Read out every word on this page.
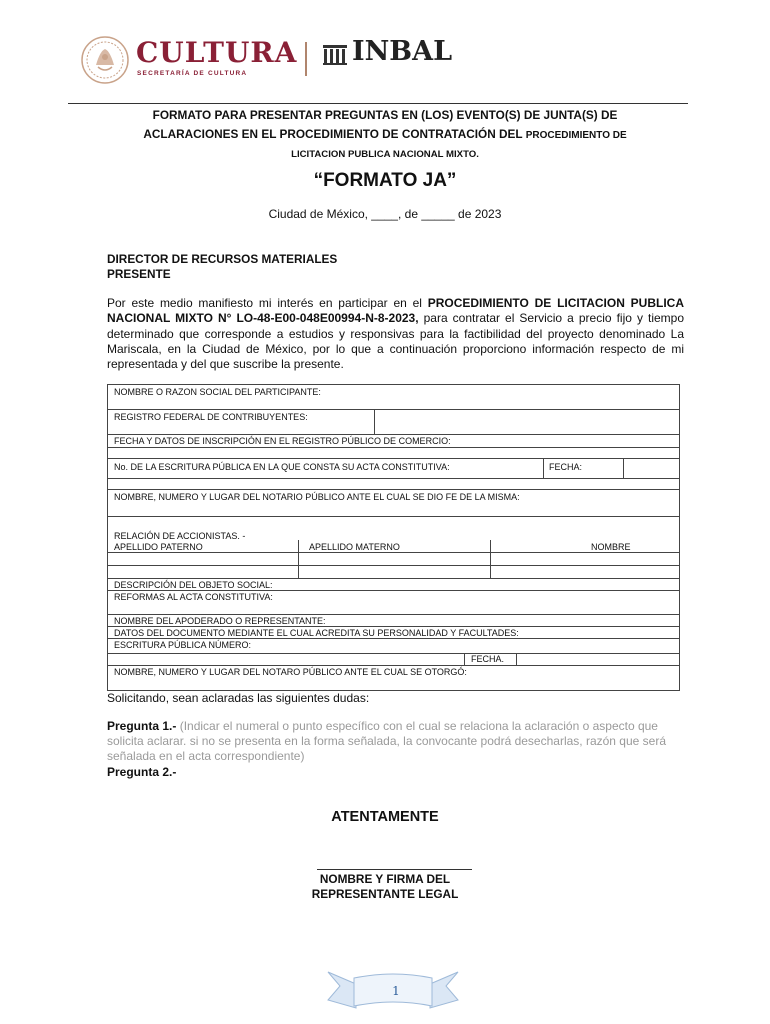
CULTURA
SECRETARÍA DE CULTURA
INBAL
FORMATO PARA PRESENTAR PREGUNTAS EN (LOS) EVENTO(S) DE JUNTA(S) DE
ACLARACIONES EN EL PROCEDIMIENTO DE CONTRATACIÓN DEL PROCEDIMIENTO DE
LICITACION PUBLICA NACIONAL MIXTO.
“FORMATO JA”
Ciudad de México, ____, de _____ de 2023
DIRECTOR DE RECURSOS MATERIALES
PRESENTE
Por este medio manifiesto mi interés en participar en el PROCEDIMIENTO DE LICITACION PUBLICA NACIONAL MIXTO N° LO-48-E00-048E00994-N-8-2023, para contratar el Servicio a precio fijo y tiempo determinado que corresponde a estudios y responsivas para la factibilidad del proyecto denominado La Mariscala, en la Ciudad de México, por lo que a continuación proporciono información respecto de mi representada y del que suscribe la presente.
NOMBRE O RAZON SOCIAL DEL PARTICIPANTE:
REGISTRO FEDERAL DE CONTRIBUYENTES:
FECHA Y DATOS DE INSCRIPCIÓN EN EL REGISTRO PÚBLICO DE COMERCIO:
No. DE LA ESCRITURA PÚBLICA EN LA QUE CONSTA SU ACTA CONSTITUTIVA:	FECHA:
NOMBRE, NUMERO Y LUGAR DEL NOTARIO PÚBLICO ANTE EL CUAL SE DIO FE DE LA MISMA:
RELACIÓN DE ACCIONISTAS. -
APELLIDO PATERNO	APELLIDO MATERNO	NOMBRE
DESCRIPCIÓN DEL OBJETO SOCIAL:
REFORMAS AL ACTA CONSTITUTIVA:
NOMBRE DEL APODERADO O REPRESENTANTE:
DATOS DEL DOCUMENTO MEDIANTE EL CUAL ACREDITA SU PERSONALIDAD Y FACULTADES:
ESCRITURA PÚBLICA NÚMERO:
FECHA.
NOMBRE, NUMERO Y LUGAR DEL NOTARO PÚBLICO ANTE EL CUAL SE OTORGÓ:
Solicitando, sean aclaradas las siguientes dudas:
Pregunta 1.- (Indicar el numeral o punto específico con el cual se relaciona la aclaración o aspecto que solicita aclarar. si no se presenta en la forma señalada, la convocante podrá desecharlas, razón que será señalada en el acta correspondiente)
Pregunta 2.-
ATENTAMENTE
NOMBRE Y FIRMA DEL
REPRESENTANTE LEGAL
1
